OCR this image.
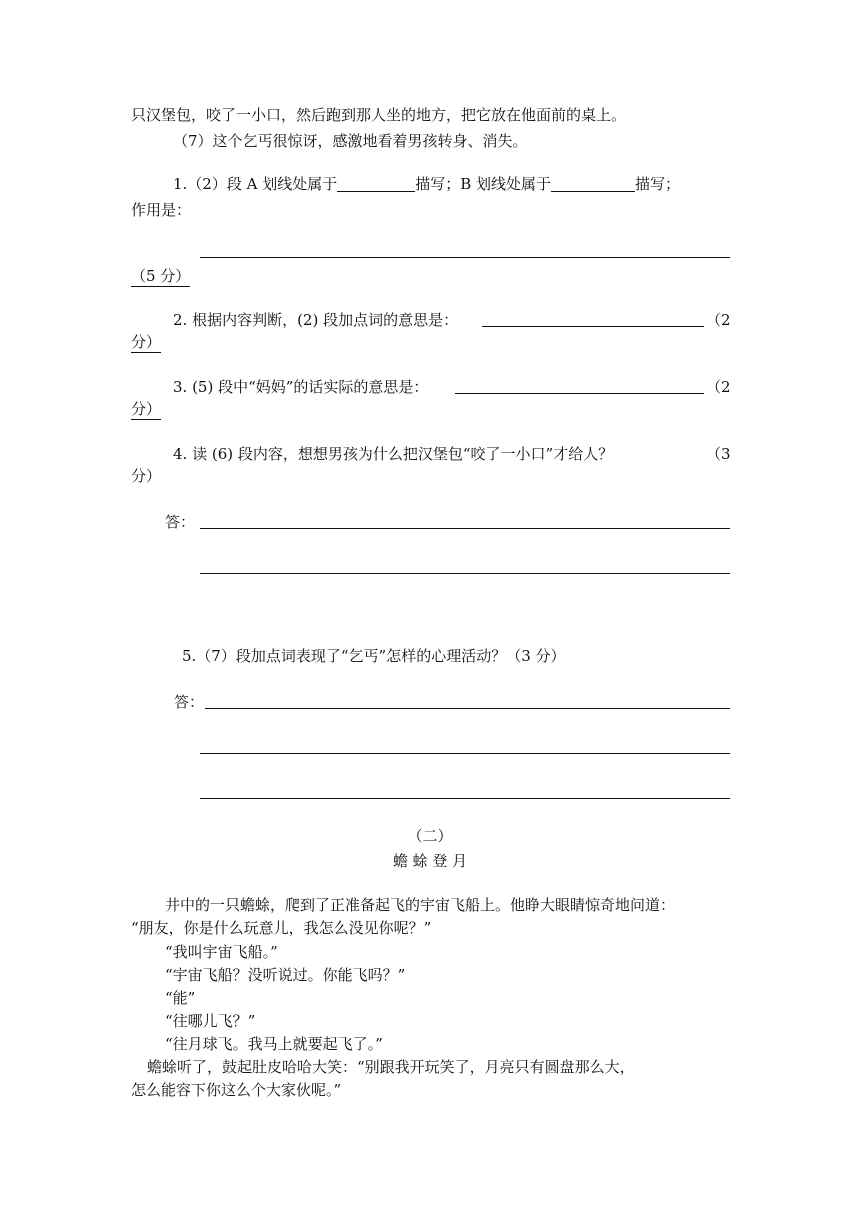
只汉堡包，咬了一小口，然后跑到那人坐的地方，把它放在他面前的桌上。
（7）这个乞丐很惊讶，感激地看着男孩转身、消失。
1.（2）段 A 划线处属于	描写；B 划线处属于	描写；
作用是：
（5 分）
2. 根据内容判断，(2) 段加点词的意思是：	（2
分）
3. (5) 段中“妈妈”的话实际的意思是：	（2
分）
4. 读 (6) 段内容，想想男孩为什么把汉堡包“咬了一小口”才给人？	（3
分）
答：
5.（7）段加点词表现了“乞丐”怎样的心理活动？（3 分）
答：
（二）
蟾 蜍 登 月
井中的一只蟾蜍，爬到了正准备起飞的宇宙飞船上。他睁大眼睛惊奇地问道：
“朋友，你是什么玩意儿，我怎么没见你呢？”
“我叫宇宙飞船。”
“宇宙飞船？没听说过。你能飞吗？”
“能”
“往哪儿飞？”
“往月球飞。我马上就要起飞了。”
蟾蜍听了，鼓起肚皮哈哈大笑：“别跟我开玩笑了，月亮只有圆盘那么大，
怎么能容下你这么个大家伙呢。”
